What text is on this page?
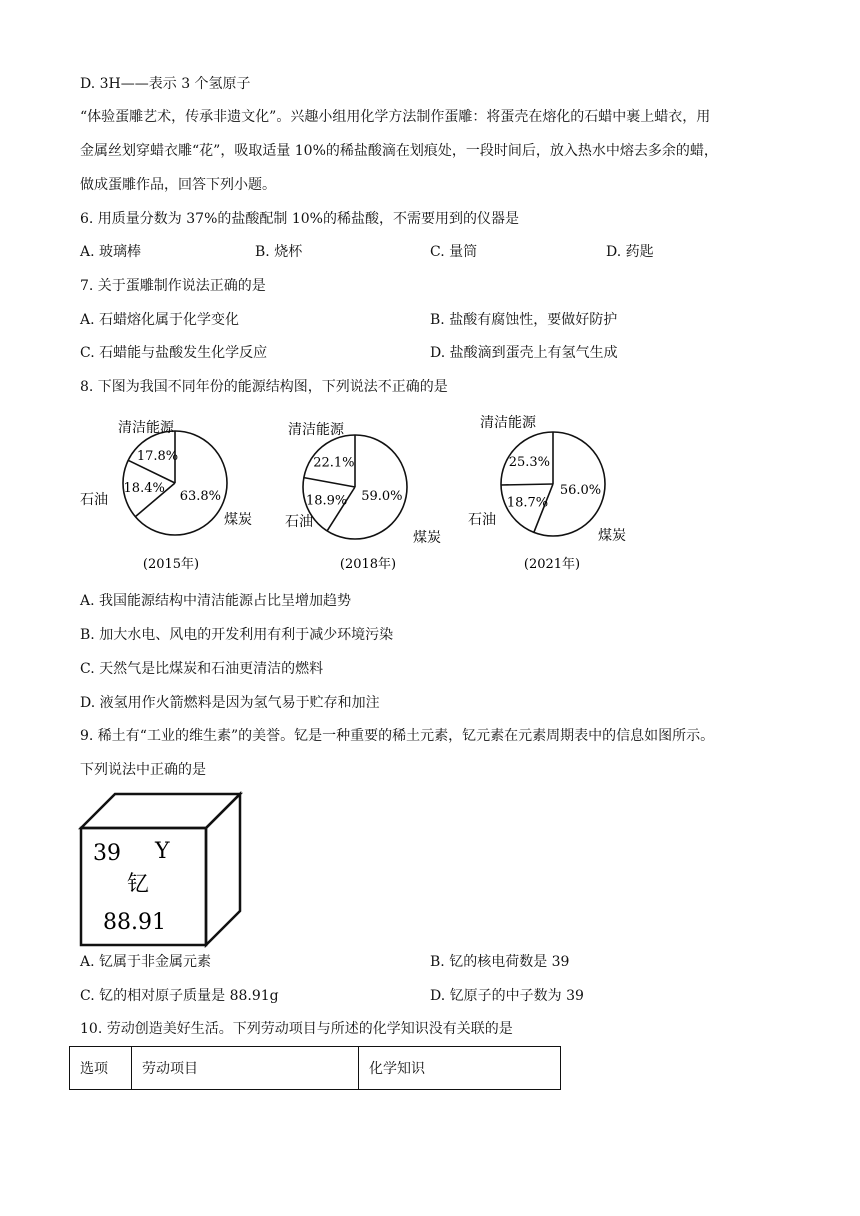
D. 3H——表示 3 个氢原子
“体验蛋雕艺术，传承非遗文化”。兴趣小组用化学方法制作蛋雕：将蛋壳在熔化的石蜡中裹上蜡衣，用
金属丝划穿蜡衣雕“花”，吸取适量 10%的稀盐酸滴在划痕处，一段时间后，放入热水中熔去多余的蜡，
做成蛋雕作品，回答下列小题。
6. 用质量分数为 37%的盐酸配制 10%的稀盐酸，不需要用到的仪器是
A. 玻璃棒	B. 烧杯	C. 量筒	D. 药匙
7. 关于蛋雕制作说法正确的是
A. 石蜡熔化属于化学变化	B. 盐酸有腐蚀性，要做好防护
C. 石蜡能与盐酸发生化学反应	D. 盐酸滴到蛋壳上有氢气生成
8. 下图为我国不同年份的能源结构图，下列说法不正确的是
17.8%
18.4%
63.8%
清洁能源
石油
煤炭
(2015年)
22.1%
18.9% 59.0%
清洁能源
石油
煤炭
(2018年)
25.3%
18.7%
56.0%
清洁能源
石油
煤炭
(2021年)
A. 我国能源结构中清洁能源占比呈增加趋势
B. 加大水电、风电的开发利用有利于减少环境污染
C. 天然气是比煤炭和石油更清洁的燃料
D. 液氢用作火箭燃料是因为氢气易于贮存和加注
9. 稀土有“工业的维生素”的美誉。钇是一种重要的稀土元素，钇元素在元素周期表中的信息如图所示。
下列说法中正确的是
39 Y
钇
88.91
A. 钇属于非金属元素	B. 钇的核电荷数是 39
C. 钇的相对原子质量是 88.91g	D. 钇原子的中子数为 39
10. 劳动创造美好生活。下列劳动项目与所述的化学知识没有关联的是
选项	劳动项目	化学知识
